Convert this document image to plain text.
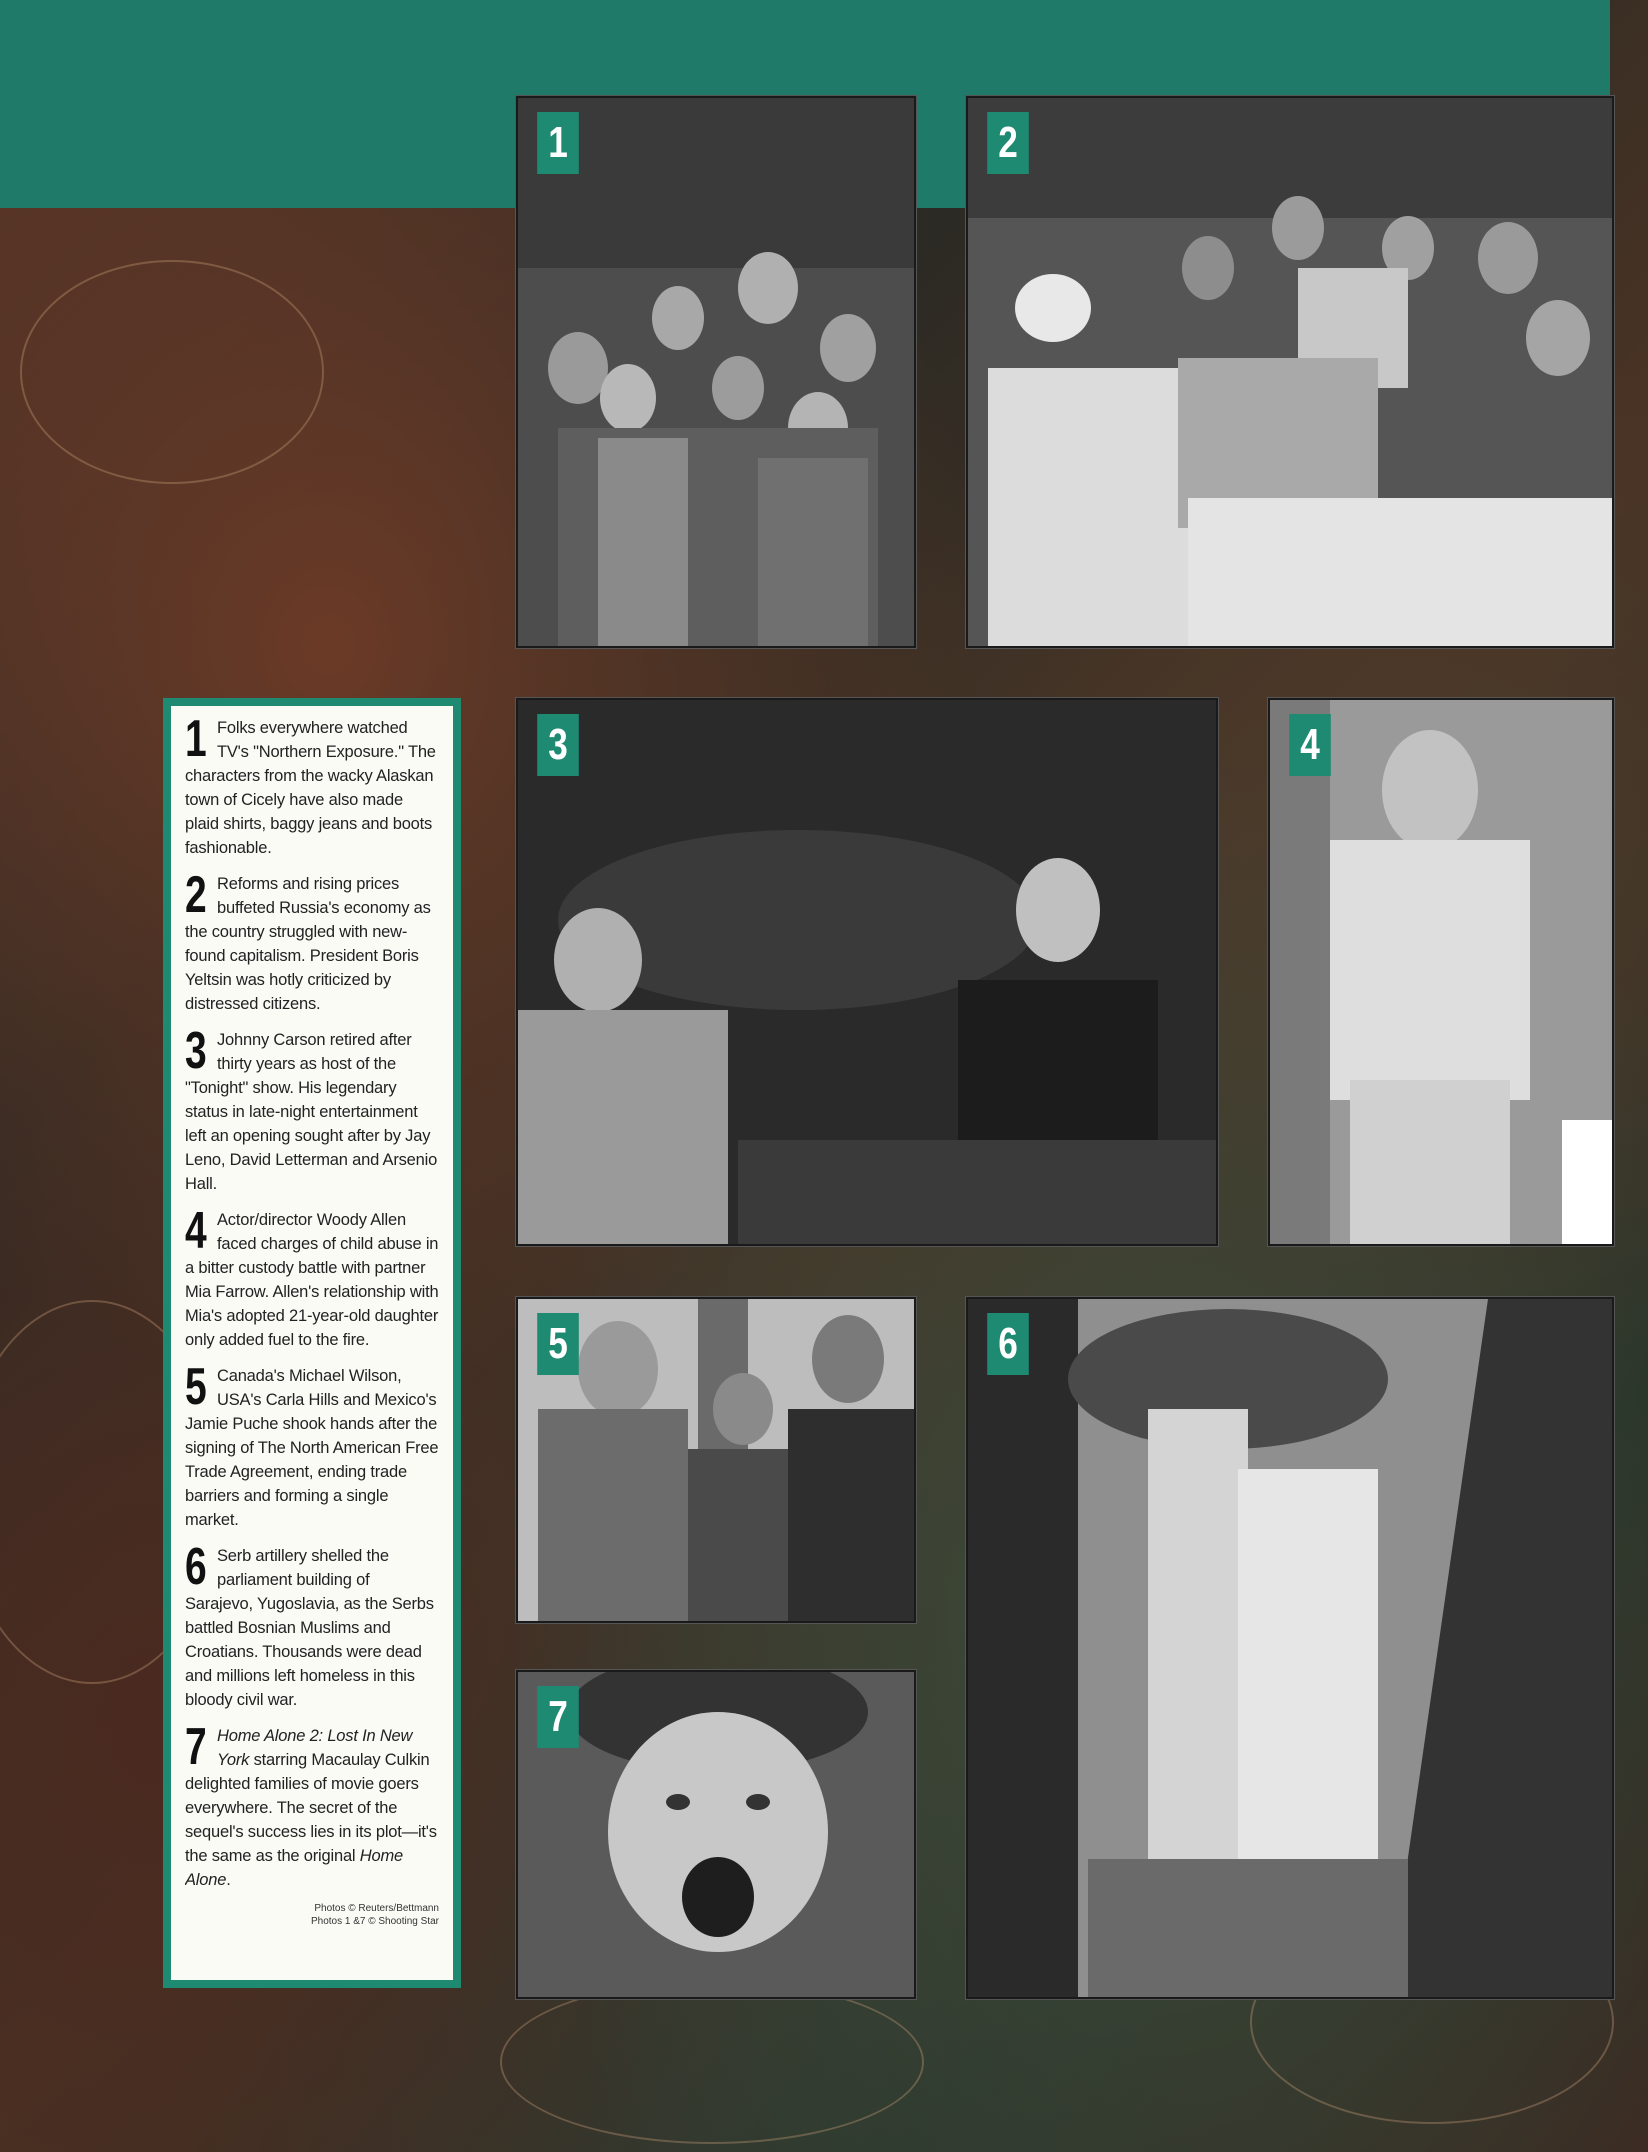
1	2
3	4
5	6
7
1 Folks everywhere watched TV's "Northern Exposure." The characters from the wacky Alaskan town of Cicely have also made plaid shirts, baggy jeans and boots fashionable.
2 Reforms and rising prices buffeted Russia's economy as the country struggled with new-found capitalism. President Boris Yeltsin was hotly criticized by distressed citizens.
3 Johnny Carson retired after thirty years as host of the "Tonight" show. His legendary status in late-night entertainment left an opening sought after by Jay Leno, David Letterman and Arsenio Hall.
4 Actor/director Woody Allen faced charges of child abuse in a bitter custody battle with partner Mia Farrow. Allen's relationship with Mia's adopted 21-year-old daughter only added fuel to the fire.
5 Canada's Michael Wilson, USA's Carla Hills and Mexico's Jamie Puche shook hands after the signing of The North American Free Trade Agreement, ending trade barriers and forming a single market.
6 Serb artillery shelled the parliament building of Sarajevo, Yugoslavia, as the Serbs battled Bosnian Muslims and Croatians. Thousands were dead and millions left homeless in this bloody civil war.
7 Home Alone 2: Lost In New York starring Macaulay Culkin delighted families of movie goers everywhere. The secret of the sequel's success lies in its plot—it's the same as the original Home Alone.
Photos © Reuters/Bettmann
Photos 1 &7 © Shooting Star
